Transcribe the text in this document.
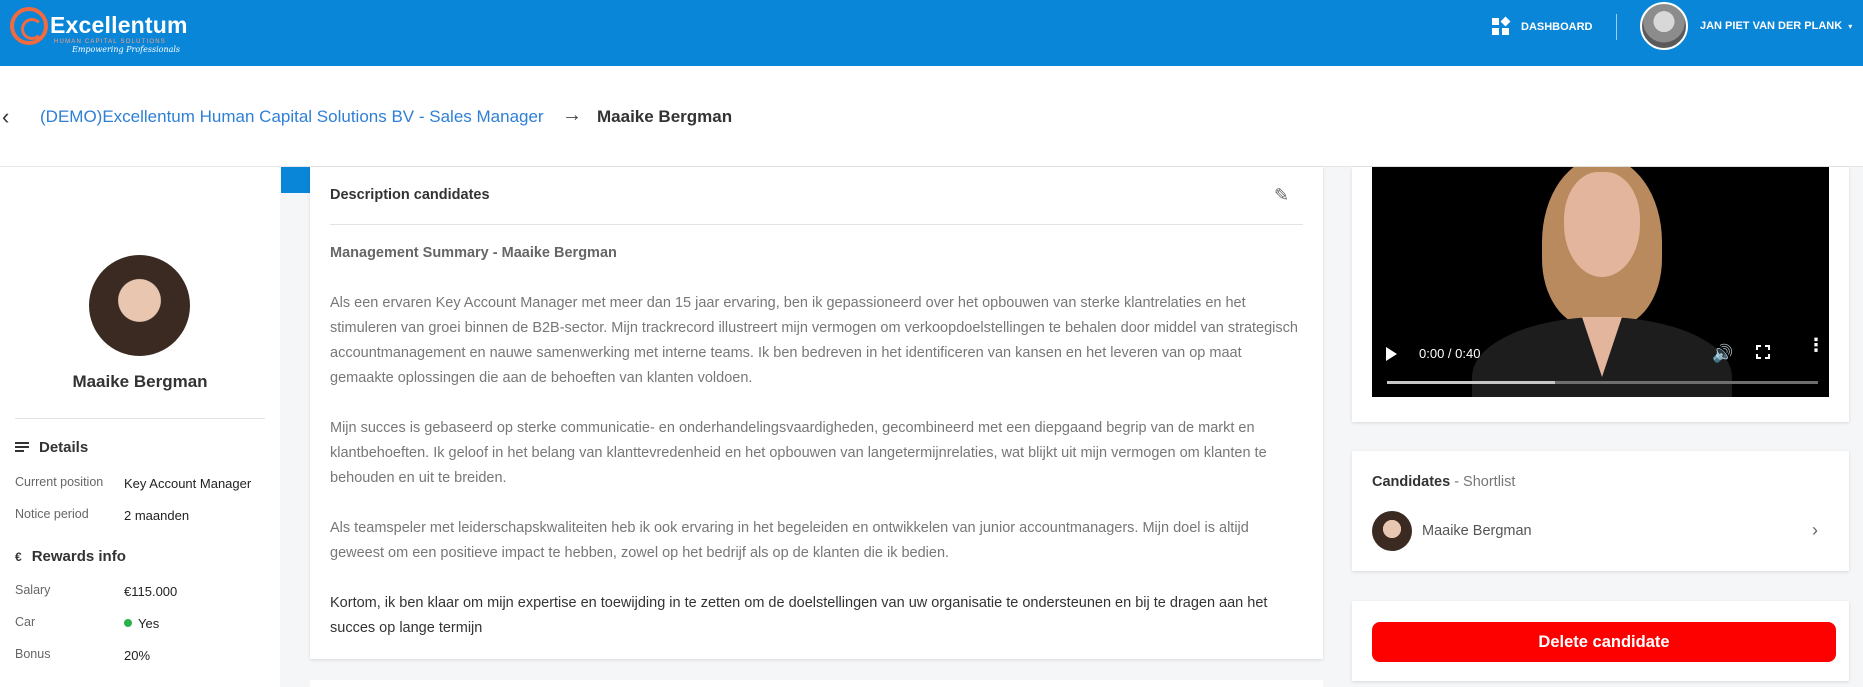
Excellentum
HUMAN CAPITAL SOLUTIONS
Empowering Professionals
DASHBOARD	JAN PIET VAN DER PLANK ▾
‹ (DEMO)Excellentum Human Capital Solutions BV - Sales Manager → Maaike Bergman
Maaike Bergman
Details
Current position Key Account Manager
Notice period	2 maanden
€ Rewards info
Salary	€115.000
Car	Yes
Bonus	20%
Description candidates	✎
Management Summary - Maaike Bergman
Als een ervaren Key Account Manager met meer dan 15 jaar ervaring, ben ik gepassioneerd over het opbouwen van sterke klantrelaties en het stimuleren van groei binnen de B2B-sector. Mijn trackrecord illustreert mijn vermogen om verkoopdoelstellingen te behalen door middel van strategisch accountmanagement en nauwe samenwerking met interne teams. Ik ben bedreven in het identificeren van kansen en het leveren van op maat gemaakte oplossingen die aan de behoeften van klanten voldoen.
Mijn succes is gebaseerd op sterke communicatie- en onderhandelingsvaardigheden, gecombineerd met een diepgaand begrip van de markt en klantbehoeften. Ik geloof in het belang van klanttevredenheid en het opbouwen van langetermijnrelaties, wat blijkt uit mijn vermogen om klanten te behouden en uit te breiden.
Als teamspeler met leiderschapskwaliteiten heb ik ook ervaring in het begeleiden en ontwikkelen van junior accountmanagers. Mijn doel is altijd geweest om een positieve impact te hebben, zowel op het bedrijf als op de klanten die ik bedien.
Kortom, ik ben klaar om mijn expertise en toewijding in te zetten om de doelstellingen van uw organisatie te ondersteunen en bij te dragen aan het succes op lange termijn
0:00 / 0:40	🔊	⋮
Candidates - Shortlist
Maaike Bergman	›
Delete candidate
